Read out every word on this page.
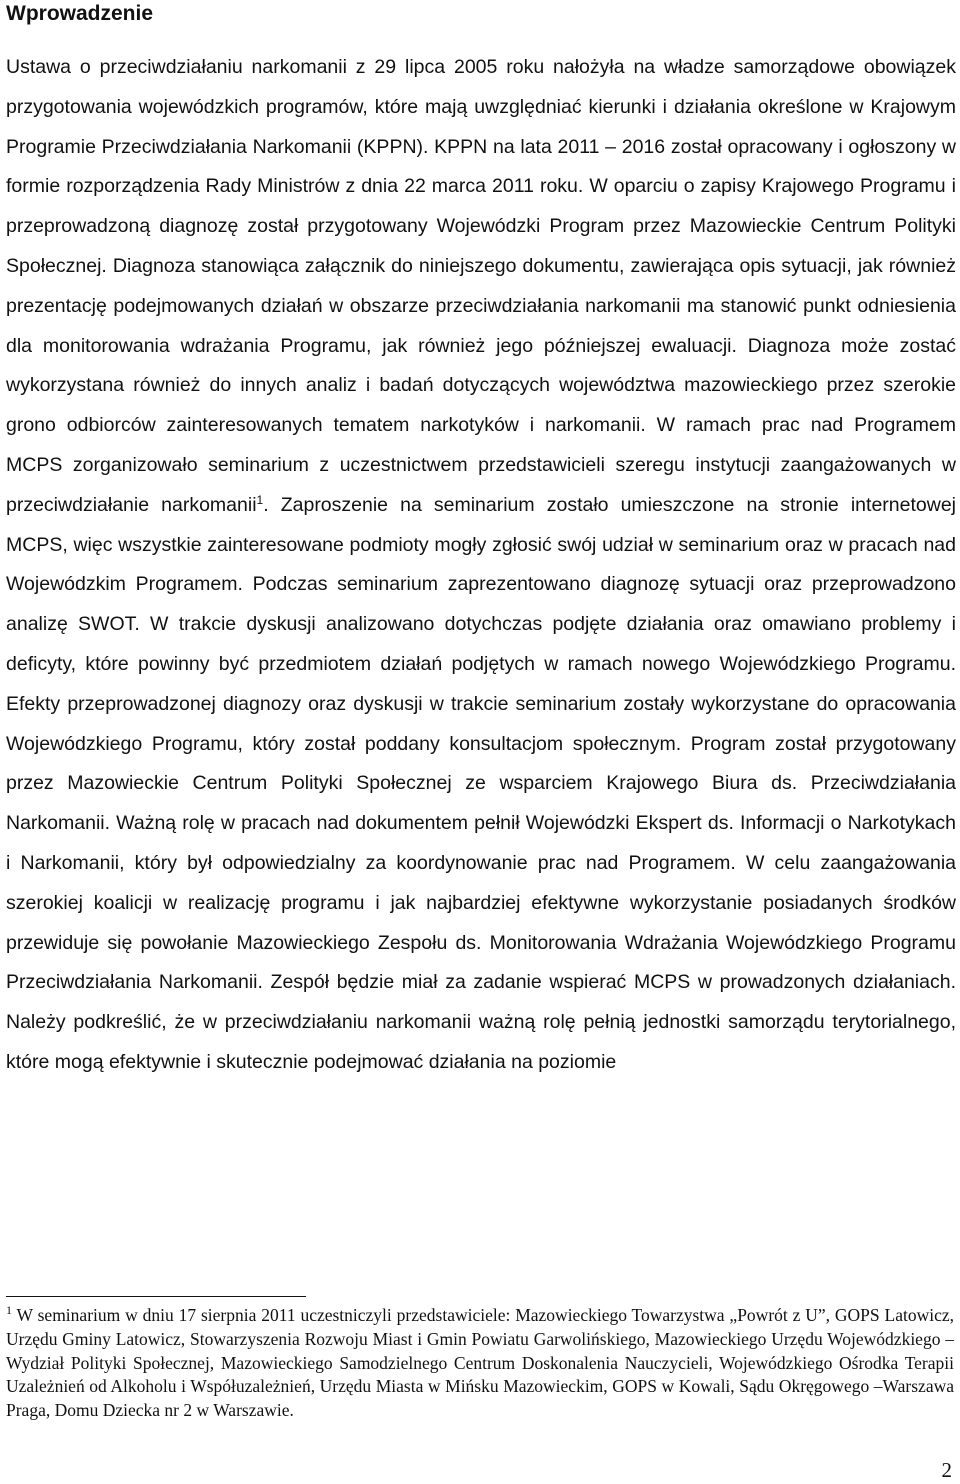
Wprowadzenie

Ustawa o przeciwdziałaniu narkomanii z 29 lipca 2005 roku nałożyła na władze samorządowe obowiązek przygotowania wojewódzkich programów, które mają uwzględniać kierunki i działania określone w Krajowym Programie Przeciwdziałania Narkomanii (KPPN). KPPN na lata 2011 – 2016 został opracowany i ogłoszony w formie rozporządzenia Rady Ministrów z dnia 22 marca 2011 roku. W oparciu o zapisy Krajowego Programu i przeprowadzoną diagnozę został przygotowany Wojewódzki Program przez Mazowieckie Centrum Polityki Społecznej. Diagnoza stanowiąca załącznik do niniejszego dokumentu, zawierająca opis sytuacji, jak również prezentację podejmowanych działań w obszarze przeciwdziałania narkomanii ma stanowić punkt odniesienia dla monitorowania wdrażania Programu, jak również jego późniejszej ewaluacji. Diagnoza może zostać wykorzystana również do innych analiz i badań dotyczących województwa mazowieckiego przez szerokie grono odbiorców zainteresowanych tematem narkotyków i narkomanii. W ramach prac nad Programem MCPS zorganizowało seminarium z uczestnictwem przedstawicieli szeregu instytucji zaangażowanych w przeciwdziałanie narkomanii$^1$. Zaproszenie na seminarium zostało umieszczone na stronie internetowej MCPS, więc wszystkie zainteresowane podmioty mogły zgłosić swój udział w seminarium oraz w pracach nad Wojewódzkim Programem. Podczas seminarium zaprezentowano diagnozę sytuacji oraz przeprowadzono analizę SWOT. W trakcie dyskusji analizowano dotychczas podjęte działania oraz omawiano problemy i deficyty, które powinny być przedmiotem działań podjętych w ramach nowego Wojewódzkiego Programu. Efekty przeprowadzonej diagnozy oraz dyskusji w trakcie seminarium zostały wykorzystane do opracowania Wojewódzkiego Programu, który został poddany konsultacjom społecznym. Program został przygotowany przez Mazowieckie Centrum Polityki Społecznej ze wsparciem Krajowego Biura ds. Przeciwdziałania Narkomanii. Ważną rolę w pracach nad dokumentem pełnił Wojewódzki Ekspert ds. Informacji o Narkotykach i Narkomanii, który był odpowiedzialny za koordynowanie prac nad Programem. W celu zaangażowania szerokiej koalicji w realizację programu i jak najbardziej efektywne wykorzystanie posiadanych środków przewiduje się powołanie Mazowieckiego Zespołu ds. Monitorowania Wdrażania Wojewódzkiego Programu Przeciwdziałania Narkomanii. Zespół będzie miał za zadanie wspierać MCPS w prowadzonych działaniach. Należy podkreślić, że w przeciwdziałaniu narkomanii ważną rolę pełnią jednostki samorządu terytorialnego, które mogą efektywnie i skutecznie podejmować działania na poziomie

$^1$ W seminarium w dniu 17 sierpnia 2011 uczestniczyli przedstawiciele: Mazowieckiego Towarzystwa „Powrót z U”, GOPS Latowicz, Urzędu Gminy Latowicz, Stowarzyszenia Rozwoju Miast i Gmin Powiatu Garwolińskiego, Mazowieckiego Urzędu Wojewódzkiego – Wydział Polityki Społecznej, Mazowieckiego Samodzielnego Centrum Doskonalenia Nauczycieli, Wojewódzkiego Ośrodka Terapii Uzależnień od Alkoholu i Współuzależnień, Urzędu Miasta w Mińsku Mazowieckim, GOPS w Kowali, Sądu Okręgowego –Warszawa Praga, Domu Dziecka nr 2 w Warszawie.

2
